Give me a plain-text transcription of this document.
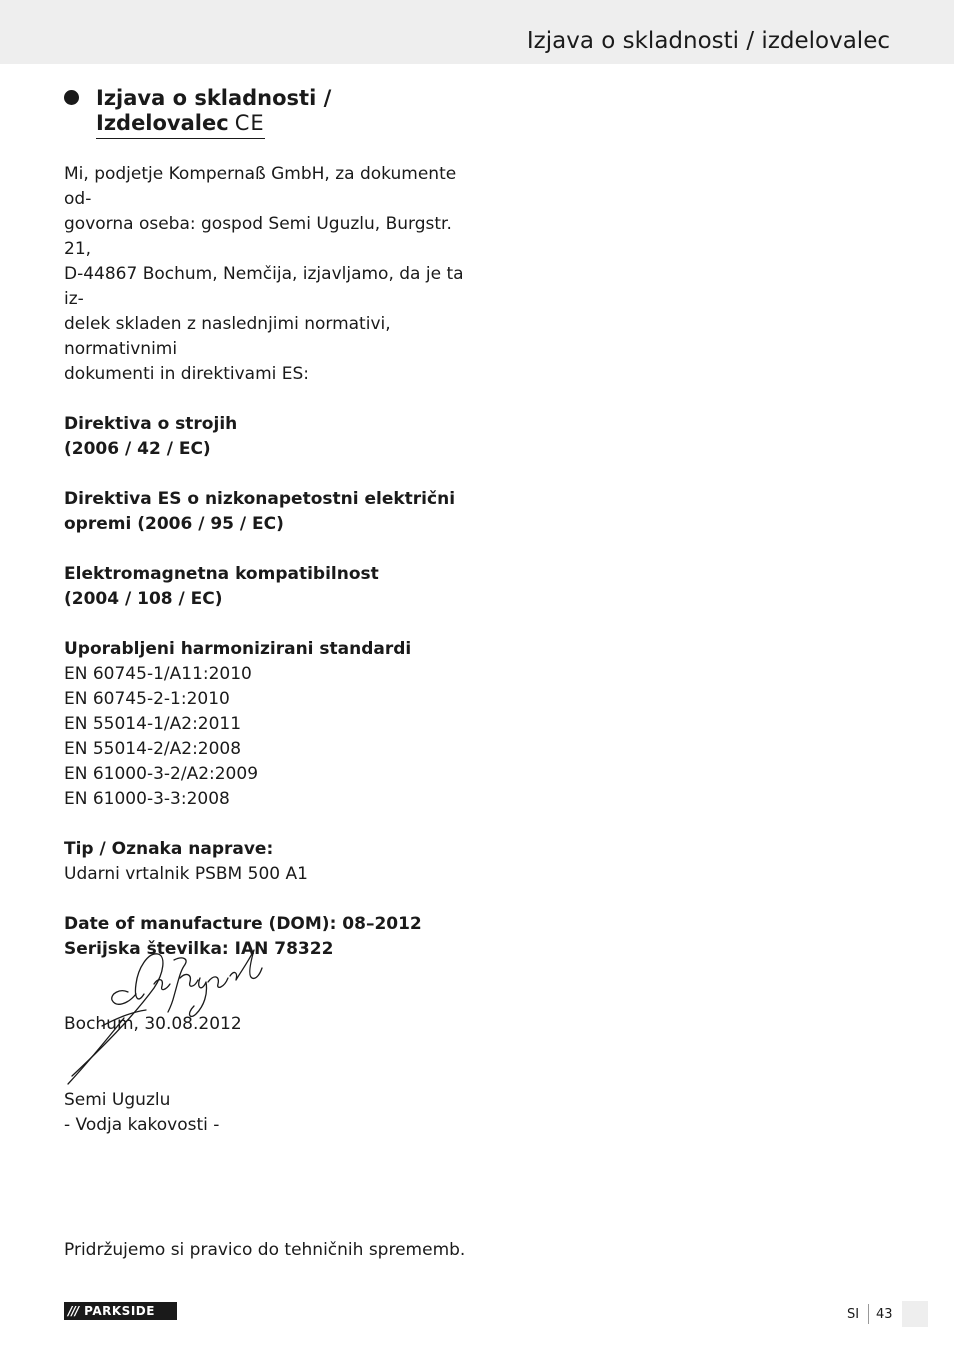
Izjava o skladnosti / izdelovalec
Izjava o skladnosti /
Izdelovalec CE

Mi, podjetje Kompernaß GmbH, za dokumente od-

govorna oseba: gospod Semi Uguzlu, Burgstr. 21,

D-44867 Bochum, Nemčija, izjavljamo, da je ta iz-

delek skladen z naslednjimi normativi, normativnimi

dokumenti in direktivami ES:

Direktiva o strojih

(2006 / 42 / EC)

Direktiva ES o nizkonapetostni električni

opremi (2006 / 95 / EC)

Elektromagnetna kompatibilnost

(2004 / 108 / EC)

Uporabljeni harmonizirani standardi

EN 60745-1/A11:2010

EN 60745-2-1:2010

EN 55014-1/A2:2011

EN 55014-2/A2:2008

EN 61000-3-2/A2:2009

EN 61000-3-3:2008

Tip / Oznaka naprave:

Udarni vrtalnik PSBM 500 A1

Date of manufacture (DOM): 08–2012

Serijska številka: IAN 78322

Bochum, 30.08.2012

Semi Uguzlu
- Vodja kakovosti -
Pridržujemo si pravico do tehničnih sprememb.
/// PARKSIDE	SI 43
